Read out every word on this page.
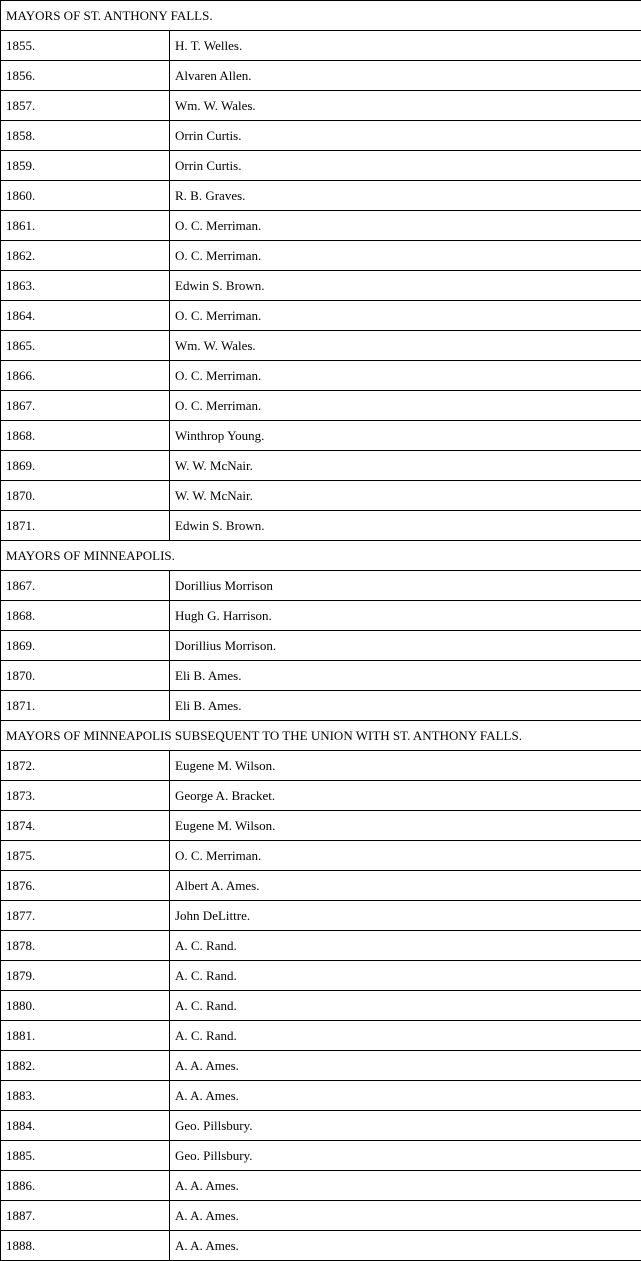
MAYORS OF ST. ANTHONY FALLS.	
1855.	H. T. Welles.
1856.	Alvaren Allen.
1857.	Wm. W. Wales.
1858.	Orrin Curtis.
1859.	Orrin Curtis.
1860.	R. B. Graves.
1861.	O. C. Merriman.
1862.	O. C. Merriman.
1863.	Edwin S. Brown.
1864.	O. C. Merriman.
1865.	Wm. W. Wales.
1866.	O. C. Merriman.
1867.	O. C. Merriman.
1868.	Winthrop Young.
1869.	W. W. McNair.
1870.	W. W. McNair.
1871.	Edwin S. Brown.
MAYORS OF MINNEAPOLIS.	
1867.	Dorillius Morrison
1868.	Hugh G. Harrison.
1869.	Dorillius Morrison.
1870.	Eli B. Ames.
1871.	Eli B. Ames.
MAYORS OF MINNEAPOLIS SUBSEQUENT TO THE UNION WITH ST. ANTHONY FALLS.	
1872.	Eugene M. Wilson.
1873.	George A. Bracket.
1874.	Eugene M. Wilson.
1875.	O. C. Merriman.
1876.	Albert A. Ames.
1877.	John DeLittre.
1878.	A. C. Rand.
1879.	A. C. Rand.
1880.	A. C. Rand.
1881.	A. C. Rand.
1882.	A. A. Ames.
1883.	A. A. Ames.
1884.	Geo. Pillsbury.
1885.	Geo. Pillsbury.
1886.	A. A. Ames.
1887.	A. A. Ames.
1888.	A. A. Ames.
